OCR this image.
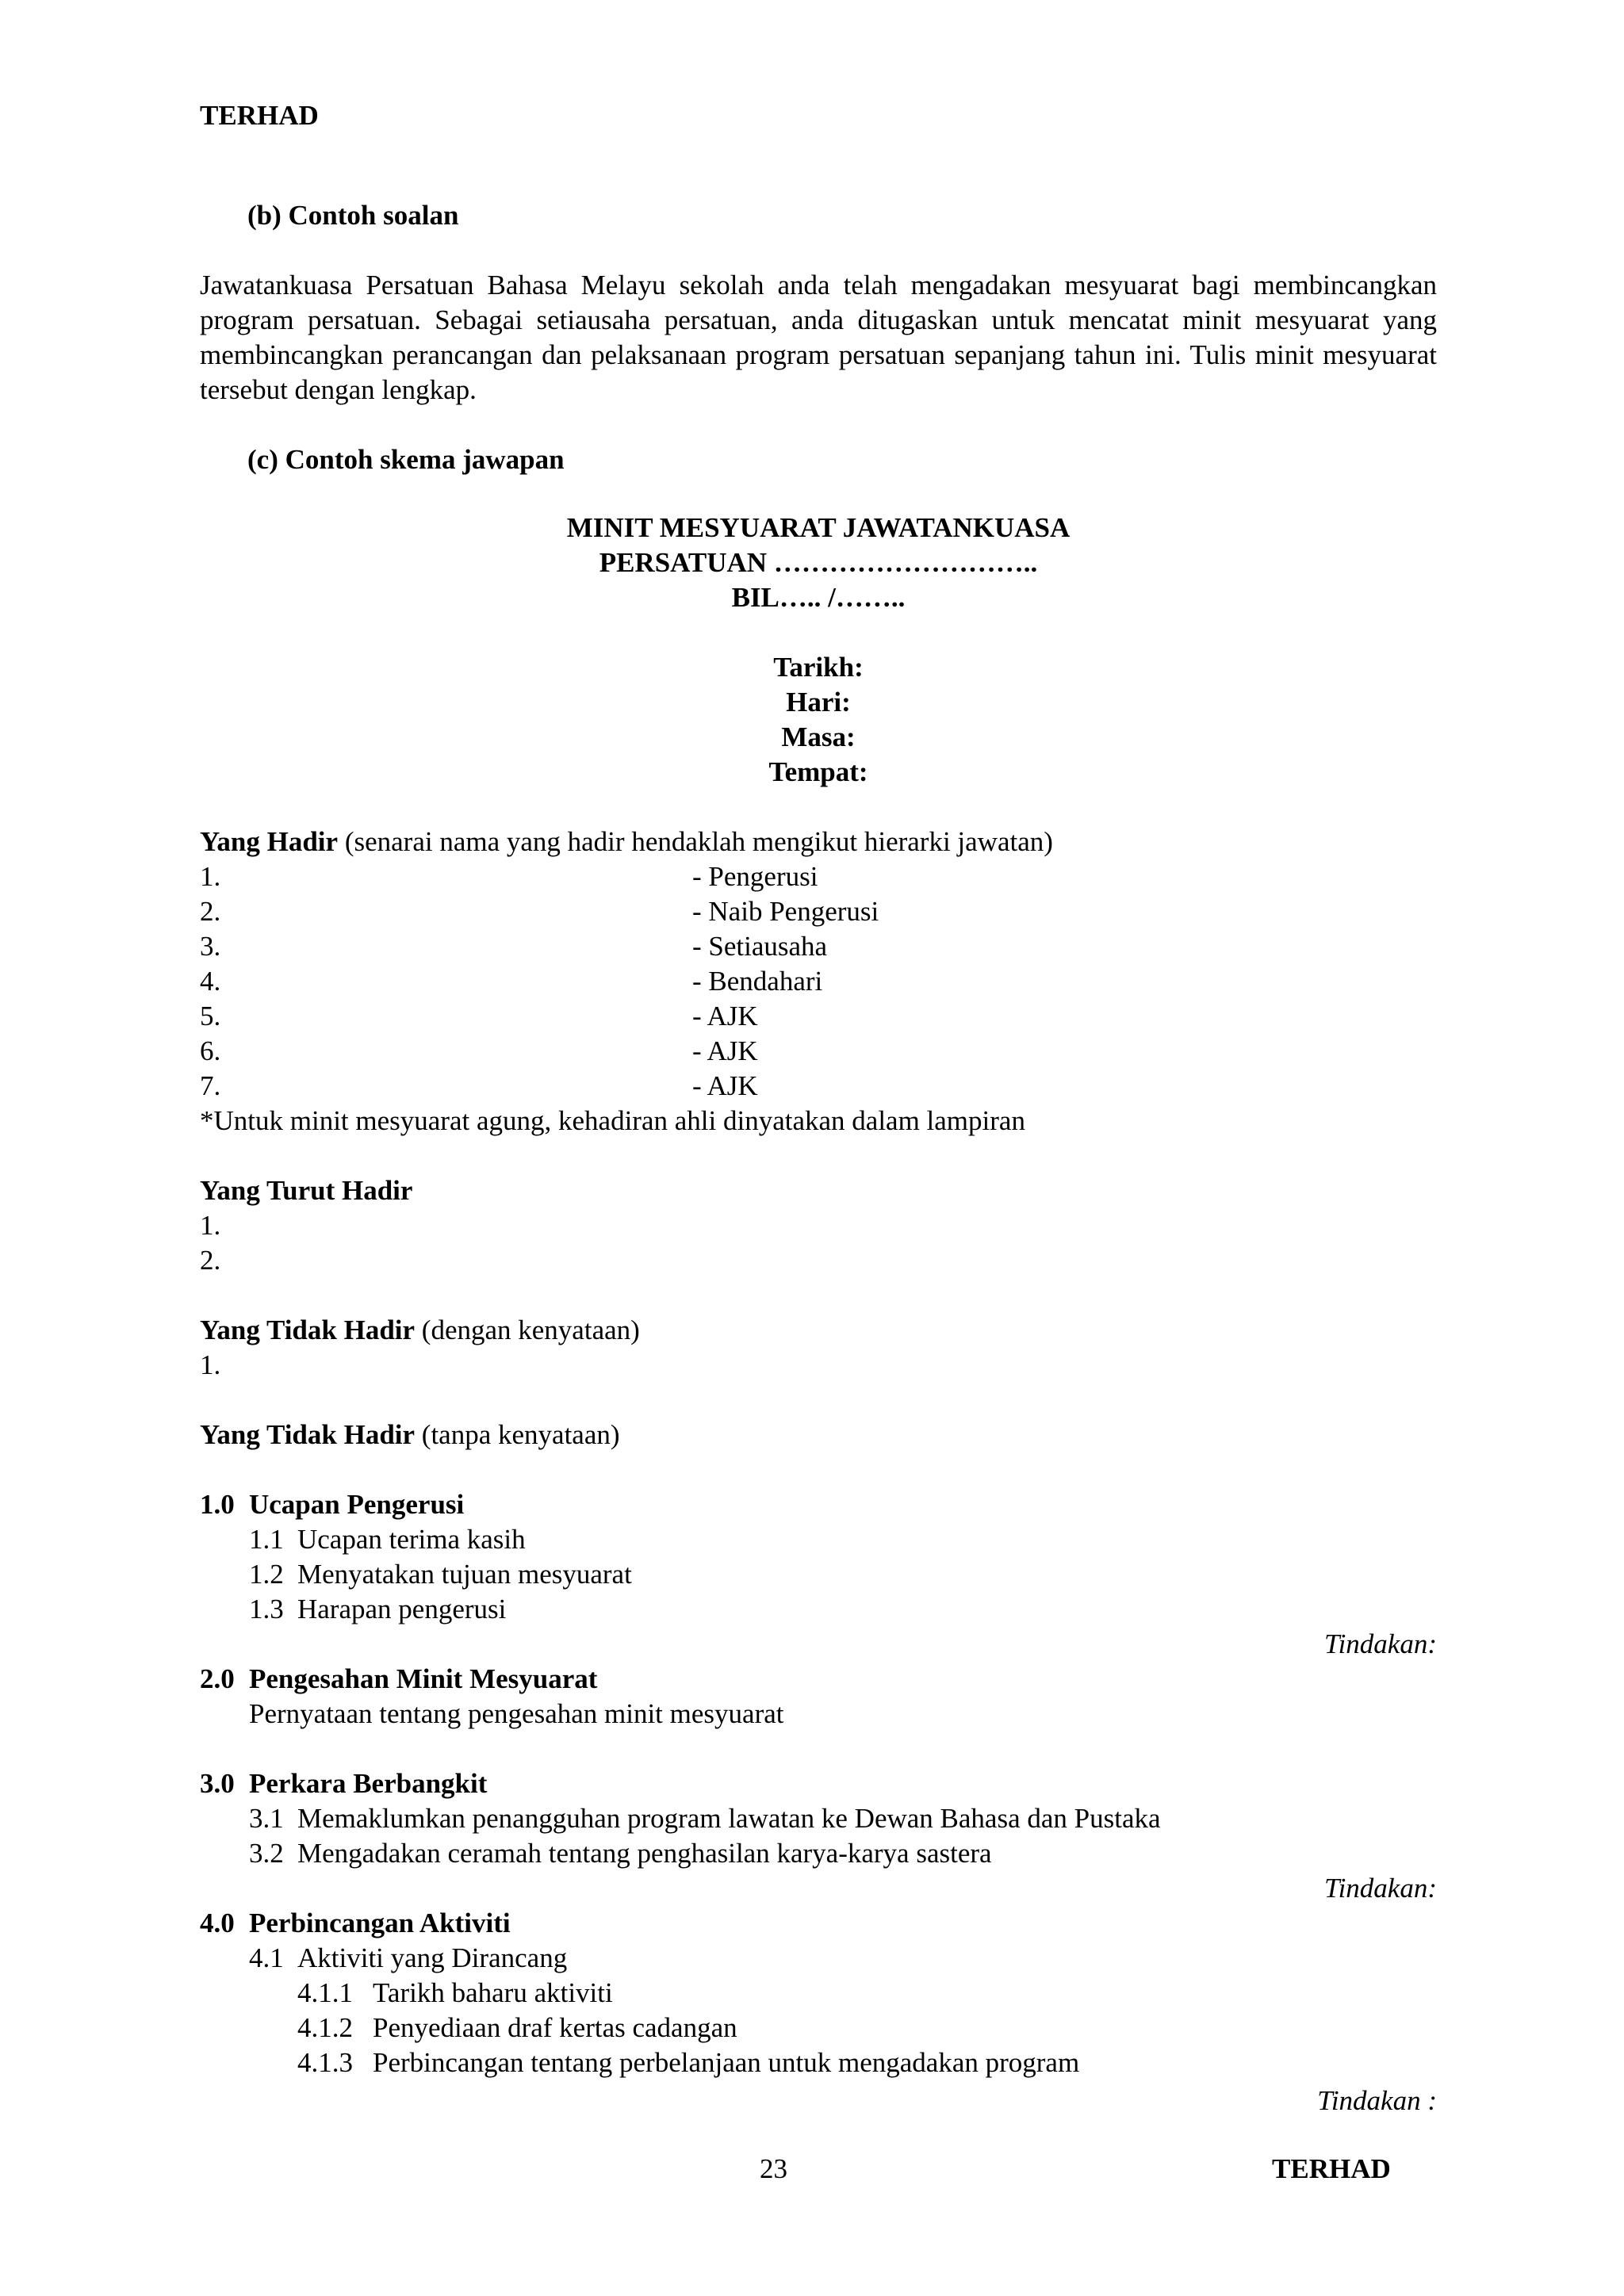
TERHAD
(b) Contoh soalan
Jawatankuasa Persatuan Bahasa Melayu sekolah anda telah mengadakan mesyuarat bagi membincangkan program persatuan. Sebagai setiausaha persatuan, anda ditugaskan untuk mencatat minit mesyuarat yang membincangkan perancangan dan pelaksanaan program persatuan sepanjang tahun ini. Tulis minit mesyuarat tersebut dengan lengkap.
(c) Contoh skema jawapan
MINIT MESYUARAT JAWATANKUASA
PERSATUAN ………………………..
BIL….. /……..
Tarikh:
Hari:
Masa:
Tempat:
Yang Hadir (senarai nama yang hadir hendaklah mengikut hierarki jawatan)
1.	- Pengerusi
2.	- Naib Pengerusi
3.	- Setiausaha
4.	- Bendahari
5.	- AJK
6.	- AJK
7.	- AJK
*Untuk minit mesyuarat agung, kehadiran ahli dinyatakan dalam lampiran
Yang Turut Hadir
1.
2.
Yang Tidak Hadir (dengan kenyataan)
1.
Yang Tidak Hadir (tanpa kenyataan)
1.0 Ucapan Pengerusi
1.1 Ucapan terima kasih
1.2 Menyatakan tujuan mesyuarat
1.3 Harapan pengerusi
Tindakan:
2.0 Pengesahan Minit Mesyuarat
Pernyataan tentang pengesahan minit mesyuarat
3.0 Perkara Berbangkit
3.1 Memaklumkan penangguhan program lawatan ke Dewan Bahasa dan Pustaka
3.2 Mengadakan ceramah tentang penghasilan karya-karya sastera
Tindakan:
4.0 Perbincangan Aktiviti
4.1 Aktiviti yang Dirancang
4.1.1 Tarikh baharu aktiviti
4.1.2 Penyediaan draf kertas cadangan
4.1.3 Perbincangan tentang perbelanjaan untuk mengadakan program
Tindakan :
23	TERHAD
